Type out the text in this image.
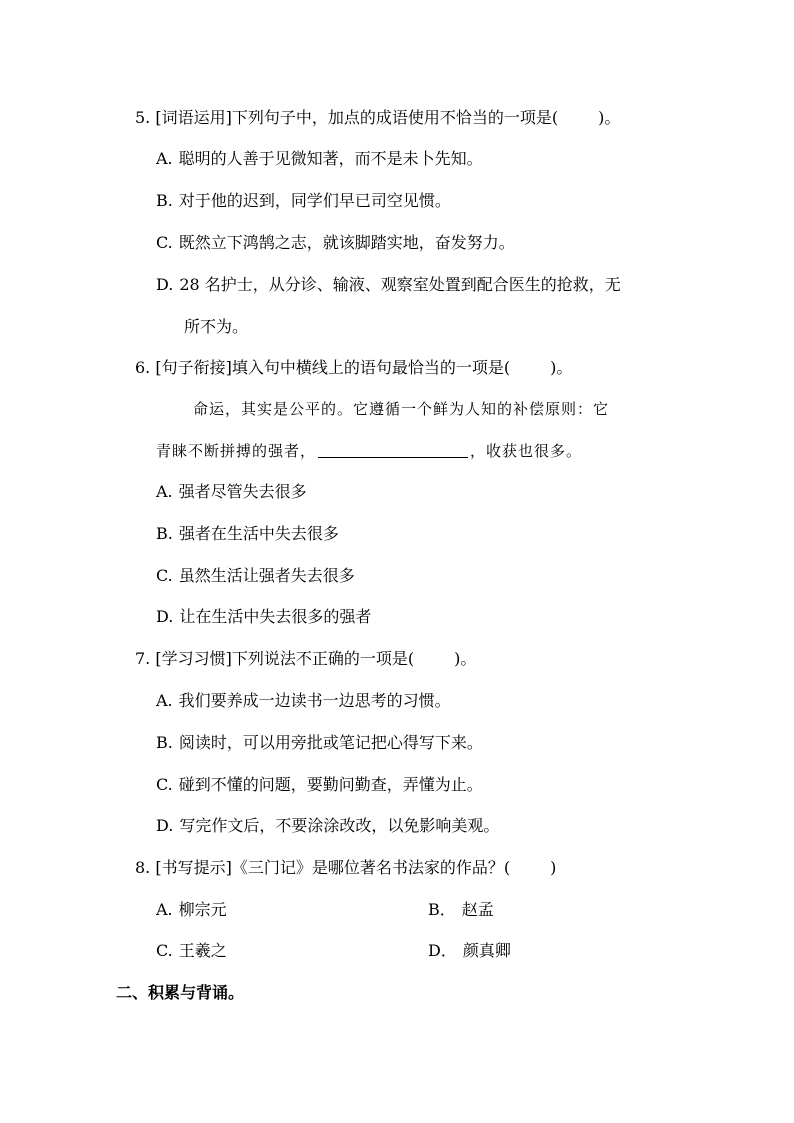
5. [词语运用]下列句子中，加点的成语使用不恰当的一项是(	)。
A. 聪明的人善于见微知著，而不是未卜先知。
B. 对于他的迟到，同学们早已司空见惯。
C. 既然立下鸿鹄之志，就该脚踏实地，奋发努力。
D. 28 名护士，从分诊、输液、观察室处置到配合医生的抢救，无
所不为。
6. [句子衔接]填入句中横线上的语句最恰当的一项是(	)。
命运，其实是公平的。它遵循一个鲜为人知的补偿原则：它
青睐不断拼搏的强者，	，收获也很多。
A. 强者尽管失去很多
B. 强者在生活中失去很多
C. 虽然生活让强者失去很多
D. 让在生活中失去很多的强者
7. [学习习惯]下列说法不正确的一项是(	)。
A. 我们要养成一边读书一边思考的习惯。
B. 阅读时，可以用旁批或笔记把心得写下来。
C. 碰到不懂的问题，要勤问勤查，弄懂为止。
D. 写完作文后，不要涂涂改改，以免影响美观。
8. [书写提示]《三门记》是哪位著名书法家的作品？(	)
A. 柳宗元	B． 赵孟
C. 王羲之	D． 颜真卿
二、积累与背诵。
